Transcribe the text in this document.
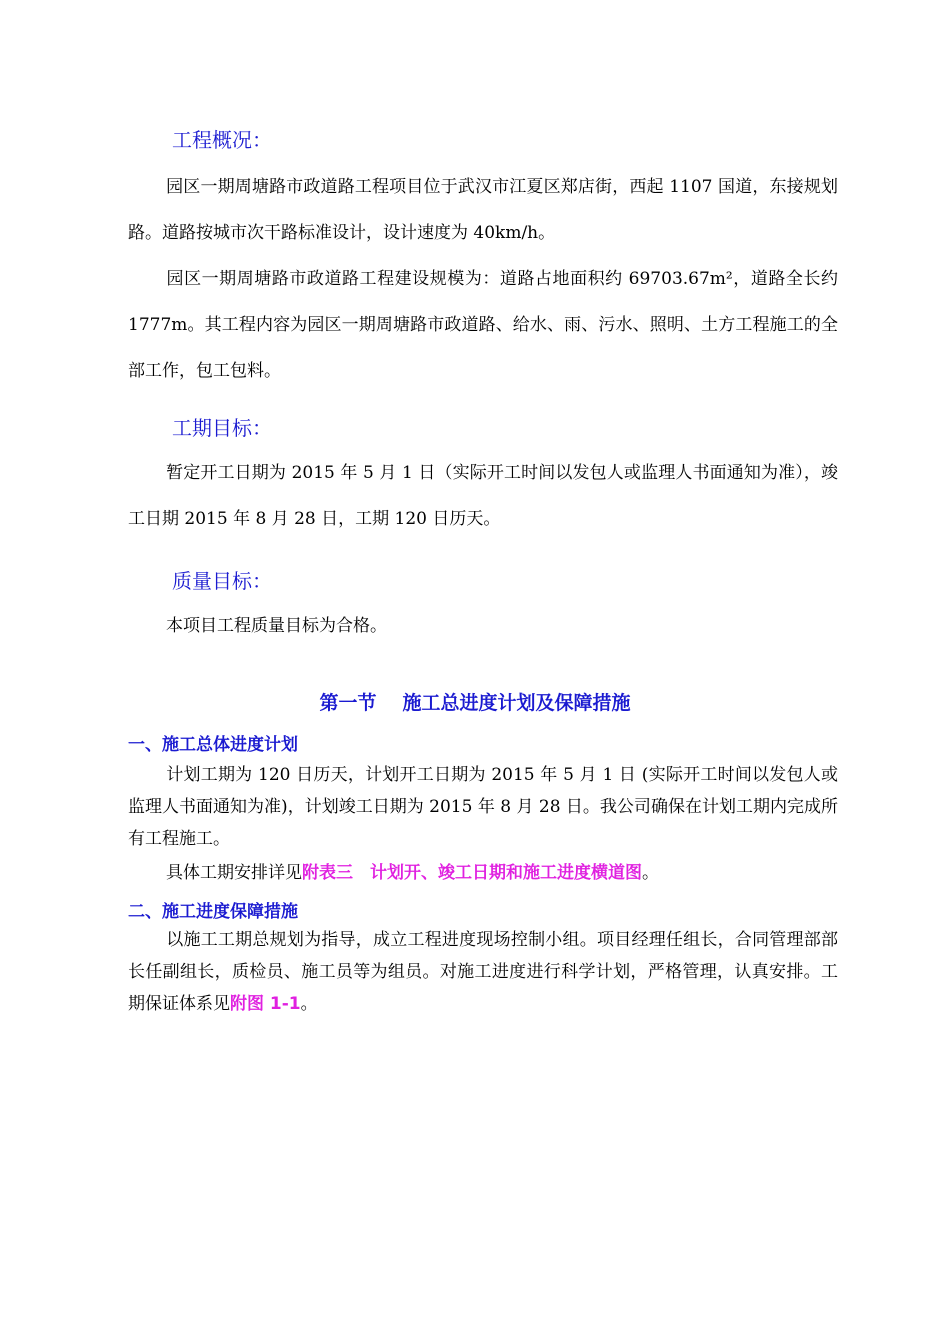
工程概况：

园区一期周塘路市政道路工程项目位于武汉市江夏区郑店街，西起 1107 国道，东接规划路。道路按城市次干路标准设计，设计速度为 40km/h。

园区一期周塘路市政道路工程建设规模为：道路占地面积约 69703.67m²，道路全长约 1777m。其工程内容为园区一期周塘路市政道路、给水、雨、污水、照明、土方工程施工的全部工作，包工包料。

工期目标：

暂定开工日期为 2015 年 5 月 1 日（实际开工时间以发包人或监理人书面通知为准），竣工日期 2015 年 8 月 28 日，工期 120 日历天。

质量目标：

本项目工程质量目标为合格。

第一节 施工总进度计划及保障措施
一、施工总体进度计划

计划工期为 120 日历天，计划开工日期为 2015 年 5 月 1 日 (实际开工时间以发包人或监理人书面通知为准)，计划竣工日期为 2015 年 8 月 28 日。我公司确保在计划工期内完成所有工程施工。

具体工期安排详见附表三　计划开、竣工日期和施工进度横道图。

二、施工进度保障措施

以施工工期总规划为指导，成立工程进度现场控制小组。项目经理任组长，合同管理部部长任副组长，质检员、施工员等为组员。对施工进度进行科学计划，严格管理，认真安排。工期保证体系见附图 1-1。
